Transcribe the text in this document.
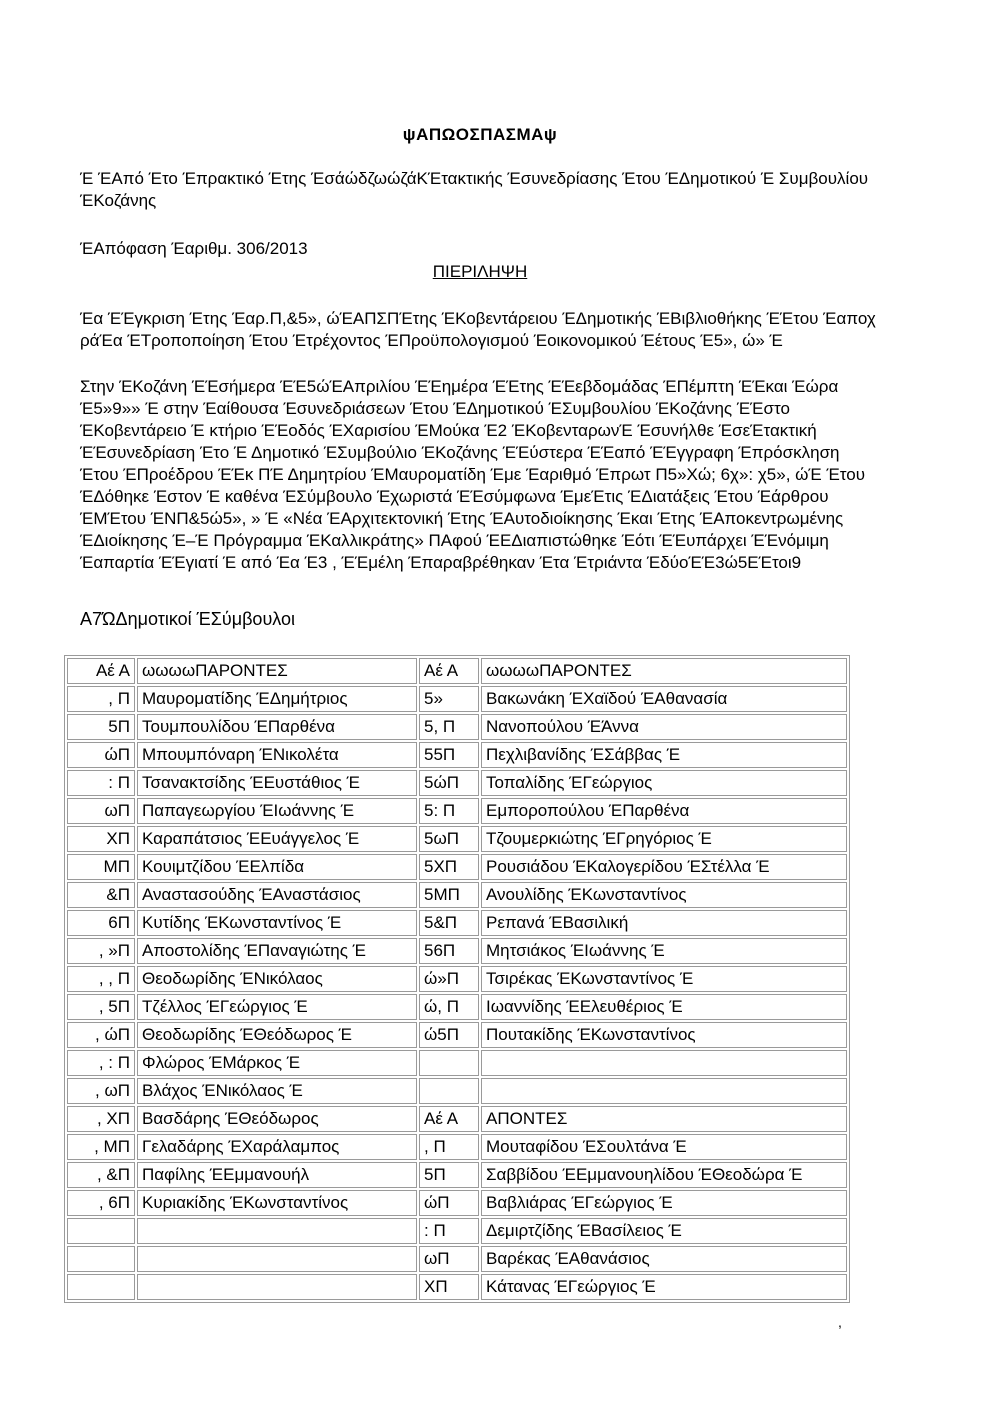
ψΑΠΩΟΣΠΑΣΜΑψ
Έ ΈΑπό Έτο Έπρακτικό Έτης ΈσάώδζωώζάΚΈτακτικής Έσυνεδρίασης Έτου ΈΔημοτικού Έ Συμβουλίου ΈΚοζάνης
ΈΑπόφαση Έαριθμ. 306/2013
ΠΙΕΡΙΛΗΨΗ
Έα ΈΈγκριση Έτης Έαρ.Π,&5», ώΈΑΠΣΠΈτης ΈΚοβεντάρειου ΈΔημοτικής ΈΒιβλιοθήκης ΈΈτου Έαποχ ράΈα ΈΤροποποίηση Έτου Έτρέχοντος ΈΠροϋπολογισμού Έοικονομικού Έέτους Έ5», ώ» Έ
Στην ΈΚοζάνη ΈΈσήμερα ΈΈ5ώΈΑπριλίου ΈΈημέρα ΈΈτης ΈΈεβδομάδας ΈΠέμπτη ΈΈκαι Έώρα Έ5»9»» Έ στην Έαίθουσα Έσυνεδριάσεων Έτου ΈΔημοτικού ΈΣυμβουλίου ΈΚοζάνης ΈΈστο ΈΚοβεντάρειο Έ κτήριο ΈΈοδός ΈΧαρισίου ΈΜούκα Έ2 ΈΚοβενταρωνΈ Έσυνήλθε ΈσεΈτακτική ΈΈσυνεδρίαση Έτο Έ Δημοτικό ΈΣυμβούλιο ΈΚοζάνης ΈΈύστερα ΈΈαπό ΈΈγγραφη Έπρόσκληση Έτου ΈΠροέδρου ΈΈκ ΠΈ Δημητρίου ΈΜαυροματίδη Έμε Έαριθμό Έπρωτ Π5»Χώ; 6χ»: χ5», ώΈ Έτου ΈΔόθηκε Έστον Έ καθένα ΈΣύμβουλο Έχωριστά ΈΈσύμφωνα ΈμεΈτις ΈΔιατάξεις Έτου Έάρθρου ΈΜΈτου ΈΝΠ&5ώ5», » Έ «Νέα ΈΑρχιτεκτονική Έτης ΈΑυτοδιοίκησης Έκαι Έτης ΈΑποκεντρωμένης ΈΔιοίκησης Έ–Έ Πρόγραμμα ΈΚαλλικράτης» ΠΑφού ΈΕΔιαπιστώθηκε Έότι ΈΈυπάρχει ΈΈνόμιμη Έαπαρτία ΈΈγιατί Έ από Έα Έ3 , ΈΈμέλη Έπαραβρέθηκαν Έτα Έτριάντα ΈδύοΈΈ3ώ5ΕΈτοι9
Α7ΏΔημοτικοί ΈΣύμβουλοι
Αέ Α	ωωωωΠΑΡΟΝΤΕΣ	Αέ Α	ωωωωΠΑΡΟΝΤΕΣ
, Π	Μαυροματίδης ΈΔημήτριος	5»	Βακωνάκη ΈΧαϊδού ΈΑθανασία
5Π	Τουμπουλίδου ΈΠαρθένα	5, Π	Νανοπούλου ΈΆννα
ώΠ	Μπουμπόναρη ΈΝικολέτα	55Π	Πεχλιβανίδης ΈΣάββας Έ
: Π	Τσανακτσίδης ΈΕυστάθιος Έ	5ώΠ	Τοπαλίδης ΈΓεώργιος
ωΠ	Παπαγεωργίου ΈΙωάννης Έ	5: Π	Εμποροπούλου ΈΠαρθένα
ΧΠ	Καραπάτσιος ΈΕυάγγελος Έ	5ωΠ	Τζουμερκιώτης ΈΓρηγόριος Έ
ΜΠ	Κουιμτζίδου ΈΕλπίδα	5ΧΠ	Ρουσιάδου ΈΚαλογερίδου ΈΣτέλλα Έ
&Π	Αναστασούδης ΈΑναστάσιος	5ΜΠ	Ανουλίδης ΈΚωνσταντίνος
6Π	Κυτίδης ΈΚωνσταντίνος Έ	5&Π	Ρεπανά ΈΒασιλική
, »Π	Αποστολίδης ΈΠαναγιώτης Έ	56Π	Μητσιάκος ΈΙωάννης Έ
, , Π	Θεοδωρίδης ΈΝικόλαος	ώ»Π	Τσιρέκας ΈΚωνσταντίνος Έ
, 5Π	Τζέλλος ΈΓεώργιος Έ	ώ, Π	Ιωαννίδης ΈΕλευθέριος Έ
, ώΠ	Θεοδωρίδης ΈΘεόδωρος Έ	ώ5Π	Πουτακίδης ΈΚωνσταντίνος
, : Π	Φλώρος ΈΜάρκος Έ		
, ωΠ	Βλάχος ΈΝικόλαος Έ		
, ΧΠ	Βασδάρης ΈΘεόδωρος	Αέ Α	ΑΠΟΝΤΕΣ
, ΜΠ	Γελαδάρης ΈΧαράλαμπος	, Π	Μουταφίδου ΈΣουλτάνα Έ
, &Π	Παφίλης ΈΕμμανουήλ	5Π	Σαββίδου ΈΕμμανουηλίδου ΈΘεοδώρα Έ
, 6Π	Κυριακίδης ΈΚωνσταντίνος	ώΠ	Βαβλιάρας ΈΓεώργιος Έ
		: Π	Δεμιρτζίδης ΈΒασίλειος Έ
		ωΠ	Βαρέκας ΈΑθανάσιος
		ΧΠ	Κάτανας ΈΓεώργιος Έ
,
